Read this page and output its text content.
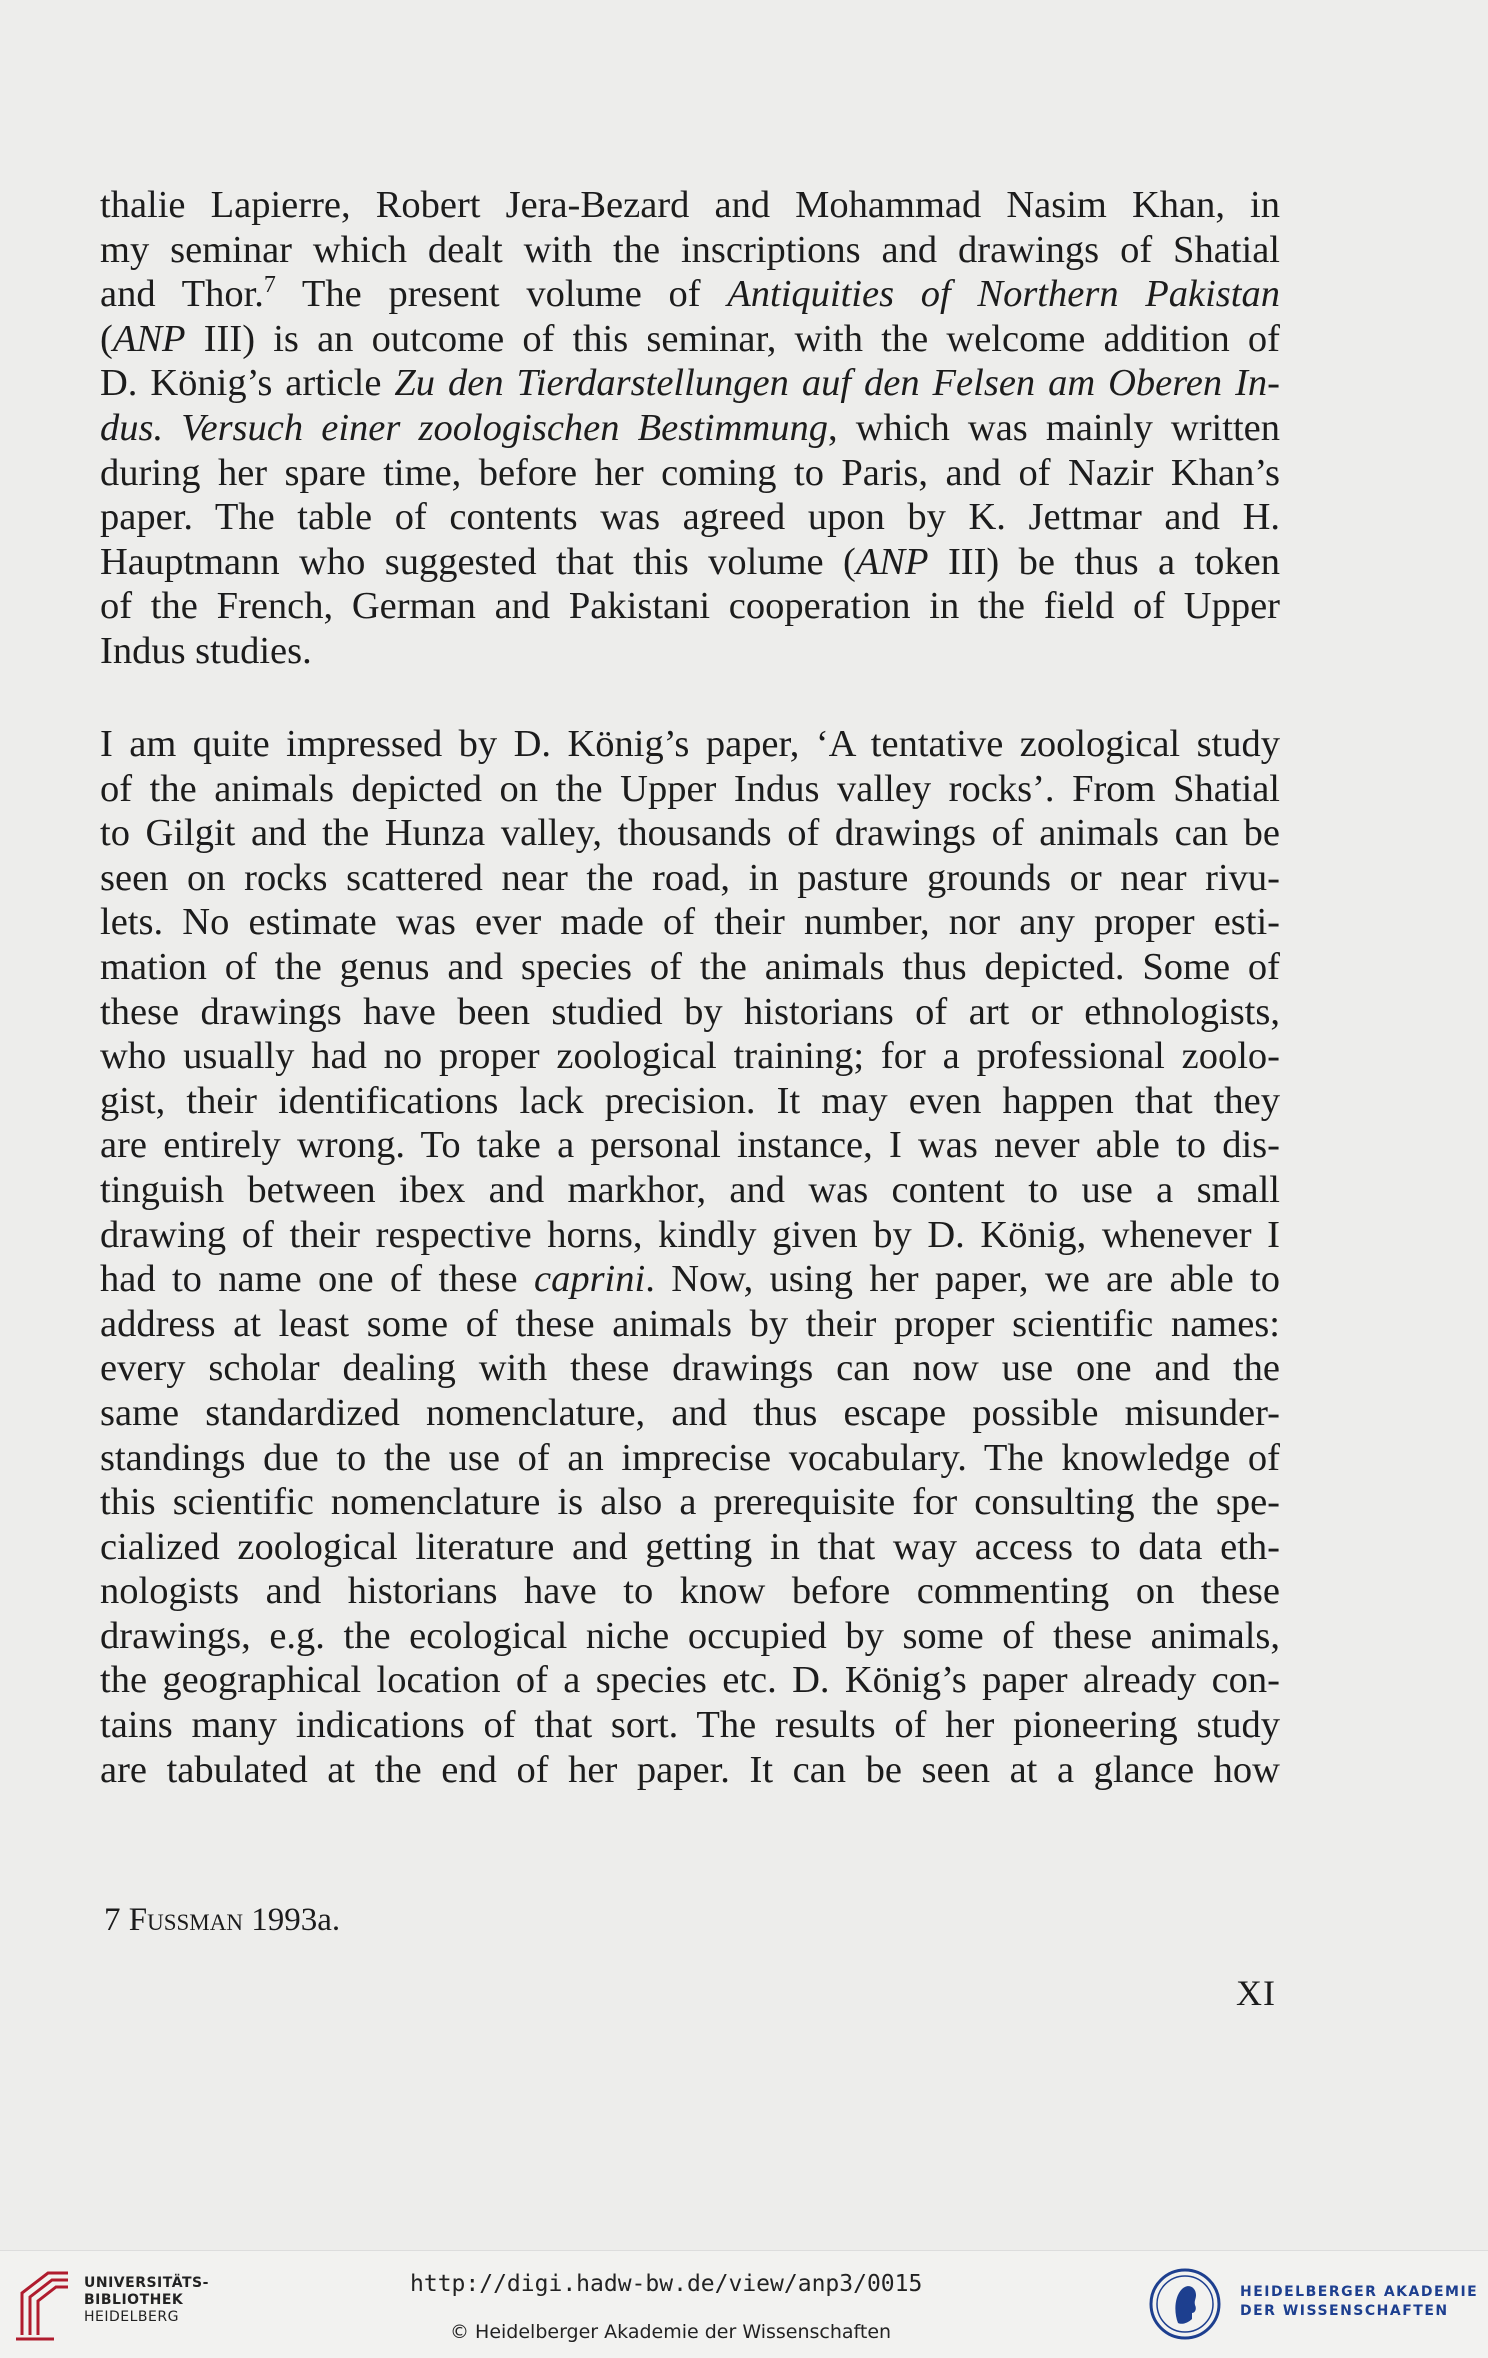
thalie Lapierre, Robert Jera-Bezard and Mohammad Nasim Khan, in
my seminar which dealt with the inscriptions and drawings of Shatial
and Thor.$^7$ The present volume of Antiquities of Northern Pakistan
(ANP III) is an outcome of this seminar, with the welcome addition of
D. König’s article Zu den Tierdarstellungen auf den Felsen am Oberen In-
dus. Versuch einer zoologischen Bestimmung, which was mainly written
during her spare time, before her coming to Paris, and of Nazir Khan’s
paper. The table of contents was agreed upon by K. Jettmar and H.
Hauptmann who suggested that this volume (ANP III) be thus a token
of the French, German and Pakistani cooperation in the field of Upper
Indus studies.
I am quite impressed by D. König’s paper, ‘A tentative zoological study
of the animals depicted on the Upper Indus valley rocks’. From Shatial
to Gilgit and the Hunza valley, thousands of drawings of animals can be
seen on rocks scattered near the road, in pasture grounds or near rivu-
lets. No estimate was ever made of their number, nor any proper esti-
mation of the genus and species of the animals thus depicted. Some of
these drawings have been studied by historians of art or ethnologists,
who usually had no proper zoological training; for a professional zoolo-
gist, their identifications lack precision. It may even happen that they
are entirely wrong. To take a personal instance, I was never able to dis-
tinguish between ibex and markhor, and was content to use a small
drawing of their respective horns, kindly given by D. König, whenever I
had to name one of these caprini. Now, using her paper, we are able to
address at least some of these animals by their proper scientific names:
every scholar dealing with these drawings can now use one and the
same standardized nomenclature, and thus escape possible misunder-
standings due to the use of an imprecise vocabulary. The knowledge of
this scientific nomenclature is also a prerequisite for consulting the spe-
cialized zoological literature and getting in that way access to data eth-
nologists and historians have to know before commenting on these
drawings, e.g. the ecological niche occupied by some of these animals,
the geographical location of a species etc. D. König’s paper already con-
tains many indications of that sort. The results of her pioneering study
are tabulated at the end of her paper. It can be seen at a glance how
7 Fussman 1993a.
XI
UNIVERSITÄTS-
BIBLIOTHEK
HEIDELBERG
http://digi.hadw-bw.de/view/anp3/0015
© Heidelberger Akademie der Wissenschaften
HEIDELBERGER AKADEMIE
DER WISSENSCHAFTEN
